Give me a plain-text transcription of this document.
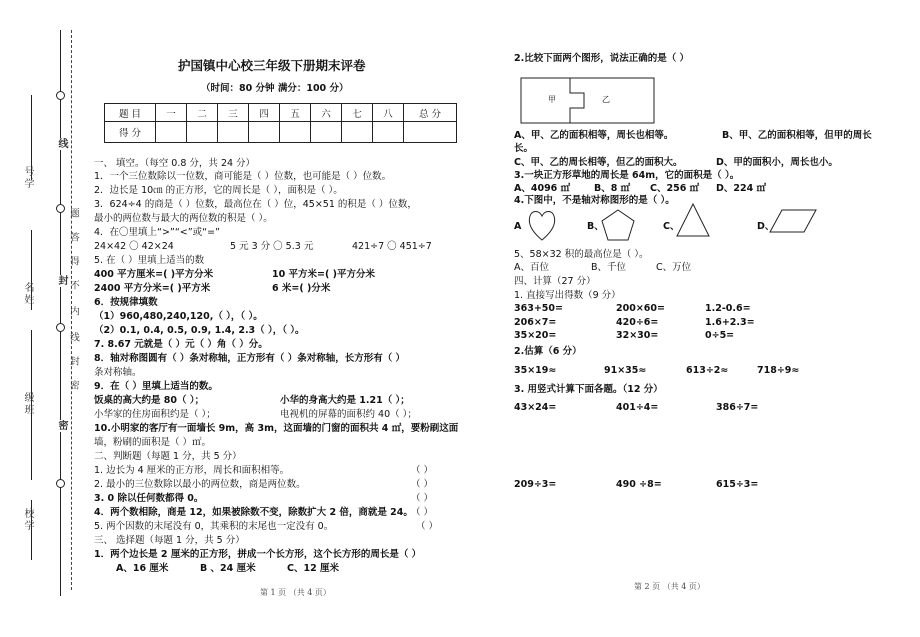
线
封
密
号学
名姓
级班
校学
题
答
得
不
内
线
封
密
护国镇中心校三年级下册期末评卷
（时间：80 分钟 满分：100 分）
题 目	一	二	三	四	五	六	七	八	总 分
得 分									
一、 填空。（每空 0.8 分，共 24 分）
1．一个三位数除以一位数，商可能是（ ）位数，也可能是（ ）位数。
2．边长是 10㎝ 的正方形，它的周长是（ ），面积是（ ）。
3．624÷4 的商是（ ）位数，最高位在（ ）位，45×51 的积是（ ）位数，
最小的两位数与最大的两位数的积是（ ）。
4．在〇里填上“>”“<”或“=”
24×42 〇 42×24	5 元 3 分 〇 5.3 元	421÷7 〇 451÷7
5. 在（ ）里填上适当的数
400 平方厘米=( )平方分米	10 平方米=( )平方分米
2400 平方分米=( )平方米	6 米=( )分米
6．按规律填数
（1）960,480,240,120,（ ），（ ）。
（2）0.1, 0.4, 0.5, 0.9, 1.4, 2.3（ ），（ ）。
7. 8.67 元就是（ ）元（ ）角（ ）分。
8．轴对称图圆有（ ）条对称轴，正方形有（ ）条对称轴，长方形有（ ）
条对称轴。
9．在（ ）里填上适当的数。
饭桌的高大约是 80（ ）；	小华的身高大约是 1.21（ ）；
小华家的住房面积约是（ ）；	电视机的屏幕的面积约 40（ ）；
10.小明家的客厅有一面墙长 9m，高 3m，这面墙的门窗的面积共 4 ㎡，要粉刷这面
墙，粉刷的面积是（ ）㎡。
二、判断题（每题 1 分，共 5 分）
1. 边长为 4 厘米的正方形，周长和面积相等。	（ ）
2. 最小的三位数除以最小的两位数，商是两位数。	（ ）
3. 0 除以任何数都得 0。	（ ）
4．两个数相除，商是 12，如果被除数不变，除数扩大 2 倍，商就是 24。
（ ）
5. 两个因数的末尾没有 0，其乘积的末尾也一定没有 0。	（ ）
三、 选择题（每题 1 分，共 5 分）
1．两个边长是 2 厘米的正方形，拼成一个长方形，这个长方形的周长是（ ）
A、16 厘米	B 、24 厘米	C、12 厘米
第 1 页 （共 4 页）
2.比较下面两个图形，说法正确的是（ ）
甲	乙
A、甲、乙的面积相等，周长也相等。	B、甲、乙的面积相等，但甲的周长
长。
C、甲、乙的周长相等，但乙的面积大。	D、甲的面积小，周长也小。
3.一块正方形草地的周长是 64m，它的面积是（ ）。
A、4096 ㎡	B、8 ㎡ C、256 ㎡ D、224 ㎡
4.下图中，不是轴对称图形的是（ ）。
A	B、	C、	D、
5、58×32 积的最高位是（ ）。
A、百位	B、千位	C、万位
四、计算（27 分）
1. 直接写出得数（9 分）
363+50=	200×60=	1.2-0.6=
206×7=	420÷6=	1.6+2.3=
35×20=	32×30=	0÷5=
2.估算（6 分）
35×19≈	91×35≈	613÷2≈	718÷9≈
3. 用竖式计算下面各题。（12 分）
43×24=	401÷4=	386÷7=
209÷3=	490 ÷8=	615÷3=
第 2 页 （共 4 页）
